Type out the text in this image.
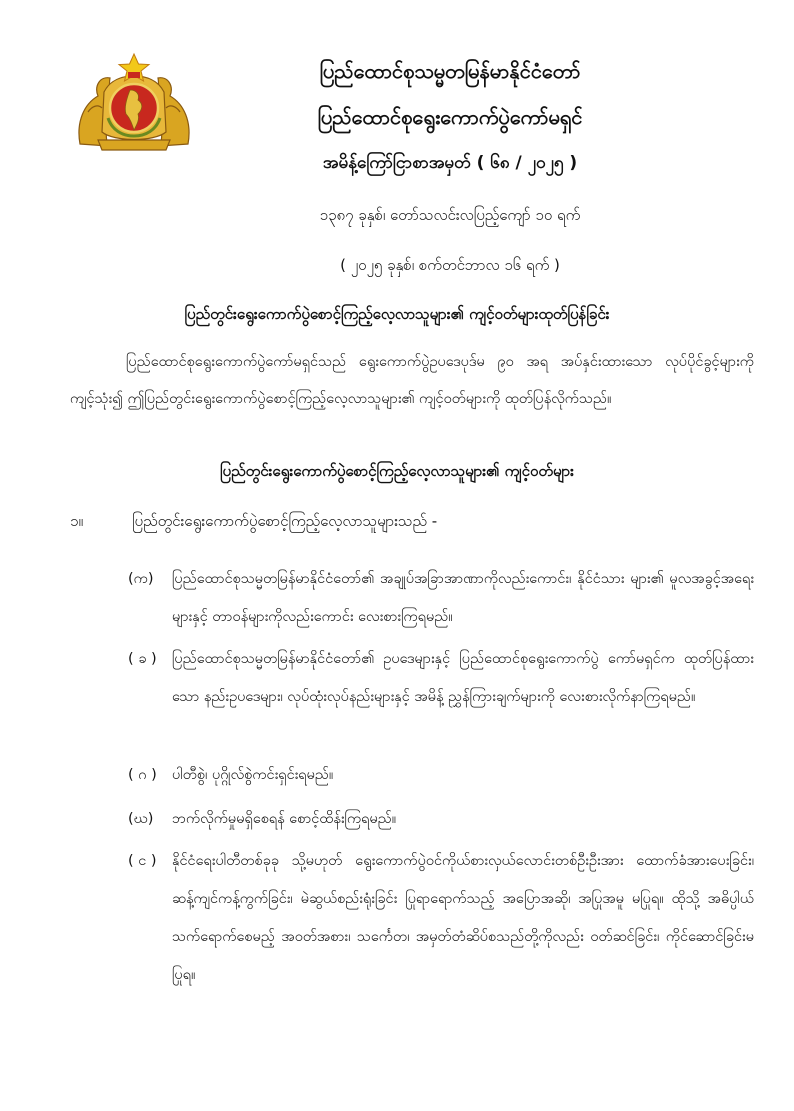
ပြည်ထောင်စုသမ္မတမြန်မာနိုင်ငံတော်
ပြည်ထောင်စုရွေးကောက်ပွဲကော်မရှင်
အမိန့်ကြော်ငြာစာအမှတ် ( ၆၈ / ၂၀၂၅ )
၁၃၈၇ ခုနှစ်၊ တော်သလင်းလပြည့်ကျော် ၁၀ ရက်
( ၂၀၂၅ ခုနှစ်၊ စက်တင်ဘာလ ၁၆ ရက် )
ပြည်တွင်းရွေးကောက်ပွဲစောင့်ကြည့်လေ့လာသူများ၏ ကျင့်ဝတ်များထုတ်ပြန်ခြင်း
ပြည်ထောင်စုရွေးကောက်ပွဲကော်မရှင်သည် ရွေးကောက်ပွဲဥပဒေပုဒ်မ ၉၀ အရ အပ်နှင်းထားသော လုပ်ပိုင်ခွင့်များကိုကျင့်သုံး၍ ဤပြည်တွင်းရွေးကောက်ပွဲစောင့်ကြည့်လေ့လာသူများ၏ ကျင့်ဝတ်များကို ထုတ်ပြန်လိုက်သည်။
ပြည်တွင်းရွေးကောက်ပွဲစောင့်ကြည့်လေ့လာသူများ၏ ကျင့်ဝတ်များ
၁။	ပြည်တွင်းရွေးကောက်ပွဲစောင့်ကြည့်လေ့လာသူများသည် -
(က)	ပြည်ထောင်စုသမ္မတမြန်မာနိုင်ငံတော်၏ အချုပ်အခြာအာဏာကိုလည်းကောင်း၊ နိုင်ငံသား များ၏ မူလအခွင့်အရေးများနှင့် တာဝန်များကိုလည်းကောင်း လေးစားကြရမည်။
( ခ )	ပြည်ထောင်စုသမ္မတမြန်မာနိုင်ငံတော်၏ ဥပဒေများနှင့် ပြည်ထောင်စုရွေးကောက်ပွဲ ကော်မရှင်က ထုတ်ပြန်ထားသော နည်းဥပဒေများ၊ လုပ်ထုံးလုပ်နည်းများနှင့် အမိန့် ညွှန်ကြားချက်များကို လေးစားလိုက်နာကြရမည်။
( ဂ )	ပါတီစွဲ၊ ပုဂ္ဂိုလ်စွဲကင်းရှင်းရမည်။
(ဃ)	ဘက်လိုက်မှုမရှိစေရန် စောင့်ထိန်းကြရမည်။
( င )	နိုင်ငံရေးပါတီတစ်ခုခု သို့မဟုတ် ရွေးကောက်ပွဲဝင်ကိုယ်စားလှယ်လောင်းတစ်ဦးဦးအား ထောက်ခံအားပေးခြင်း၊ ဆန့်ကျင်ကန့်ကွက်ခြင်း၊ မဲဆွယ်စည်းရုံးခြင်း ပြုရာရောက်သည့် အပြောအဆို၊ အပြုအမူ မပြုရ။ ထိုသို့ အဓိပ္ပါယ်သက်ရောက်စေမည့် အဝတ်အစား၊ သင်္ကေတ၊ အမှတ်တံဆိပ်စသည်တို့ကိုလည်း ဝတ်ဆင်ခြင်း၊ ကိုင်ဆောင်ခြင်းမပြုရ။
